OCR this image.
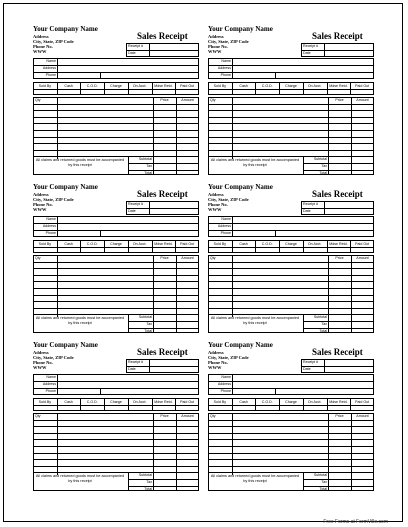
Your Company Name
Address
City, State, ZIP Code
Phone No.
WWW
Sales Receipt
Receipt #
Date
Name
Address
Phone
Sold By	Cash	C.O.D.	Charge	On Acct.	Mdse Retd.	Paid Out
Qty	Price	Amount
Subtotal
Tax
Total
All claims and returned goods must be accompanied by this receipt
Your Company Name
Address
City, State, ZIP Code
Phone No.
WWW
Sales Receipt
Receipt #
Date
Name
Address
Phone
Sold By	Cash	C.O.D.	Charge	On Acct.	Mdse Retd.	Paid Out
Qty	Price	Amount
Subtotal
Tax
Total
All claims and returned goods must be accompanied by this receipt
Your Company Name
Address
City, State, ZIP Code
Phone No.
WWW
Sales Receipt
Receipt #
Date
Name
Address
Phone
Sold By	Cash	C.O.D.	Charge	On Acct.	Mdse Retd.	Paid Out
Qty	Price	Amount
Subtotal
Tax
Total
All claims and returned goods must be accompanied by this receipt
Your Company Name
Address
City, State, ZIP Code
Phone No.
WWW
Sales Receipt
Receipt #
Date
Name
Address
Phone
Sold By	Cash	C.O.D.	Charge	On Acct.	Mdse Retd.	Paid Out
Qty	Price	Amount
Subtotal
Tax
Total
All claims and returned goods must be accompanied by this receipt
Your Company Name
Address
City, State, ZIP Code
Phone No.
WWW
Sales Receipt
Receipt #
Date
Name
Address
Phone
Sold By	Cash	C.O.D.	Charge	On Acct.	Mdse Retd.	Paid Out
Qty	Price	Amount
Subtotal
Tax
Total
All claims and returned goods must be accompanied by this receipt
Your Company Name
Address
City, State, ZIP Code
Phone No.
WWW
Sales Receipt
Receipt #
Date
Name
Address
Phone
Sold By	Cash	C.O.D.	Charge	On Acct.	Mdse Retd.	Paid Out
Qty	Price	Amount
Subtotal
Tax
Total
All claims and returned goods must be accompanied by this receipt
Free Forms at FormVille.com
